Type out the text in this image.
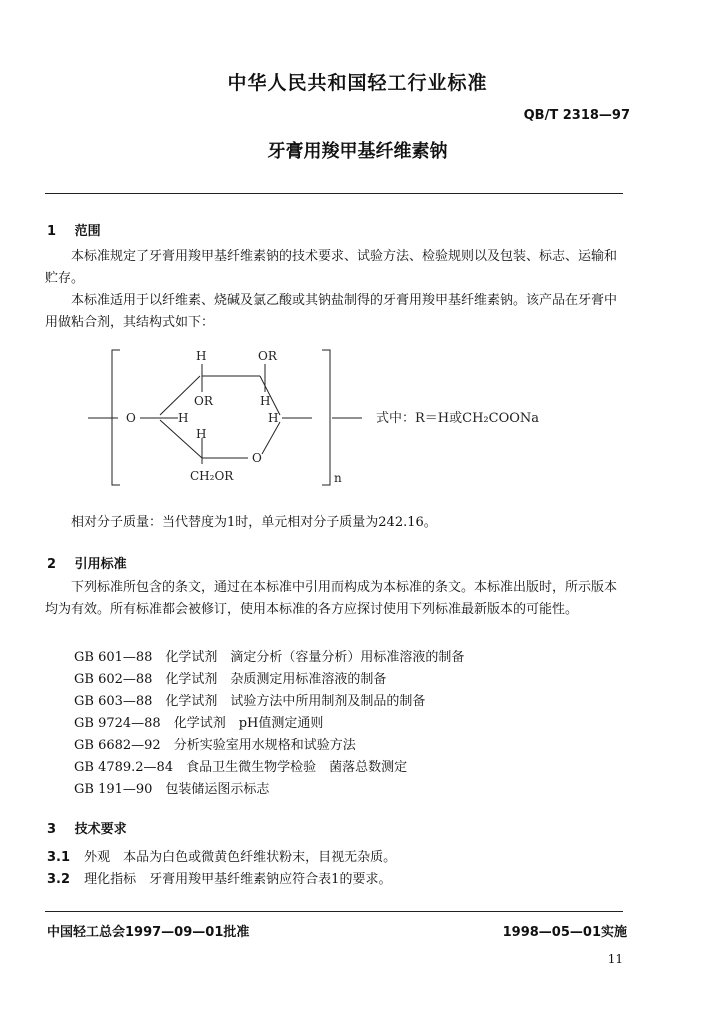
中华人民共和国轻工行业标准
QB/T 2318—97
牙膏用羧甲基纤维素钠
1 范围
本标准规定了牙膏用羧甲基纤维素钠的技术要求、试验方法、检验规则以及包装、标志、运输和贮存。
本标准适用于以纤维素、烧碱及氯乙酸或其钠盐制得的牙膏用羧甲基纤维素钠。该产品在牙膏中用做粘合剂，其结构式如下：
H	OR
OR	H
O	H	H
H
O
CH₂OR	n
式中：R＝H或CH₂COONa
相对分子质量：当代替度为1时，单元相对分子质量为242.16。
2 引用标准
下列标准所包含的条文，通过在本标准中引用而构成为本标准的条文。本标准出版时，所示版本均为有效。所有标准都会被修订，使用本标准的各方应探讨使用下列标准最新版本的可能性。
GB 601—88　化学试剂　滴定分析（容量分析）用标准溶液的制备
GB 602—88　化学试剂　杂质测定用标准溶液的制备
GB 603—88　化学试剂　试验方法中所用制剂及制品的制备
GB 9724—88　化学试剂　pH值测定通则
GB 6682—92　分析实验室用水规格和试验方法
GB 4789.2—84　食品卫生微生物学检验　菌落总数测定
GB 191—90　包装储运图示标志
3 技术要求
3.1 外观　本品为白色或微黄色纤维状粉末，目视无杂质。
3.2 理化指标　牙膏用羧甲基纤维素钠应符合表1的要求。
中国轻工总会1997—09—01批准	1998—05—01实施
11
